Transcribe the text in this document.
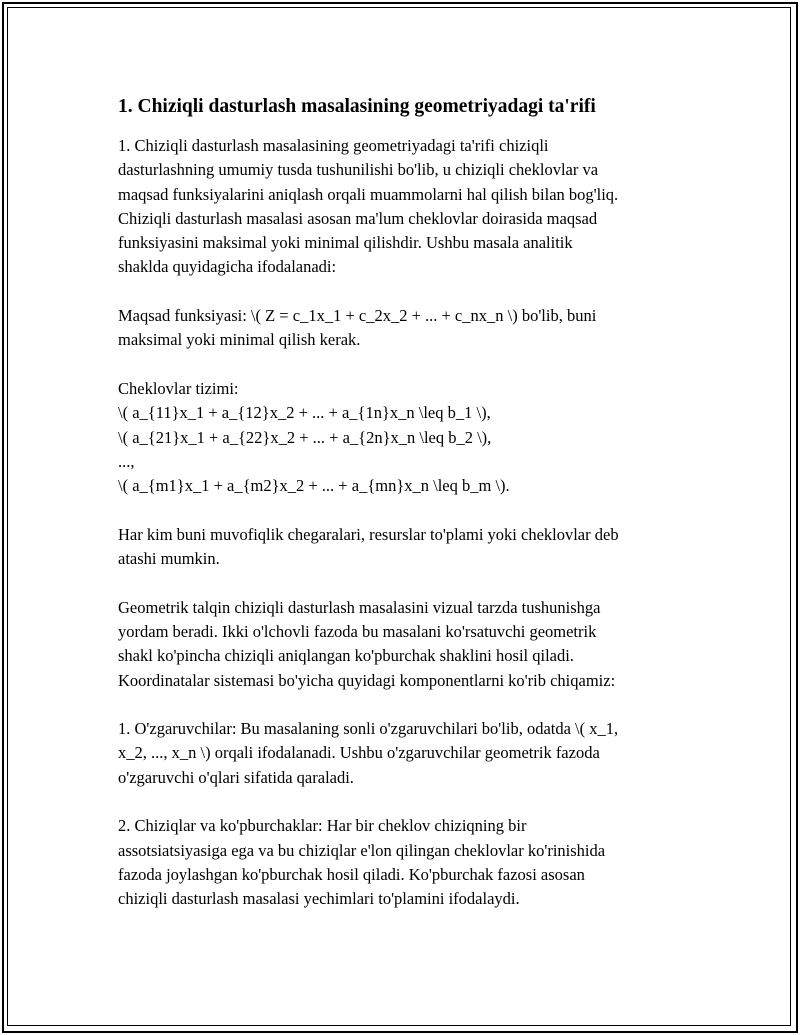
1. Chiziqli dasturlash masalasining geometriyadagi ta'rifi

1. Chiziqli dasturlash masalasining geometriyadagi ta'rifi chiziqli
dasturlashning umumiy tusda tushunilishi bo'lib, u chiziqli cheklovlar va
maqsad funksiyalarini aniqlash orqali muammolarni hal qilish bilan bog'liq.
Chiziqli dasturlash masalasi asosan ma'lum cheklovlar doirasida maqsad
funksiyasini maksimal yoki minimal qilishdir. Ushbu masala analitik
shaklda quyidagicha ifodalanadi:

Maqsad funksiyasi: \( Z = c_1x_1 + c_2x_2 + ... + c_nx_n \) bo'lib, buni
maksimal yoki minimal qilish kerak.

Cheklovlar tizimi:
\( a_{11}x_1 + a_{12}x_2 + ... + a_{1n}x_n \leq b_1 \),
\( a_{21}x_1 + a_{22}x_2 + ... + a_{2n}x_n \leq b_2 \),
...,
\( a_{m1}x_1 + a_{m2}x_2 + ... + a_{mn}x_n \leq b_m \).

Har kim buni muvofiqlik chegaralari, resurslar to'plami yoki cheklovlar deb
atashi mumkin.

Geometrik talqin chiziqli dasturlash masalasini vizual tarzda tushunishga
yordam beradi. Ikki o'lchovli fazoda bu masalani ko'rsatuvchi geometrik
shakl ko'pincha chiziqli aniqlangan ko'pburchak shaklini hosil qiladi.
Koordinatalar sistemasi bo'yicha quyidagi komponentlarni ko'rib chiqamiz:

1. O'zgaruvchilar: Bu masalaning sonli o'zgaruvchilari bo'lib, odatda \( x_1,
x_2, ..., x_n \) orqali ifodalanadi. Ushbu o'zgaruvchilar geometrik fazoda
o'zgaruvchi o'qlari sifatida qaraladi.

2. Chiziqlar va ko'pburchaklar: Har bir cheklov chiziqning bir
assotsiatsiyasiga ega va bu chiziqlar e'lon qilingan cheklovlar ko'rinishida
fazoda joylashgan ko'pburchak hosil qiladi. Ko'pburchak fazosi asosan
chiziqli dasturlash masalasi yechimlari to'plamini ifodalaydi.
